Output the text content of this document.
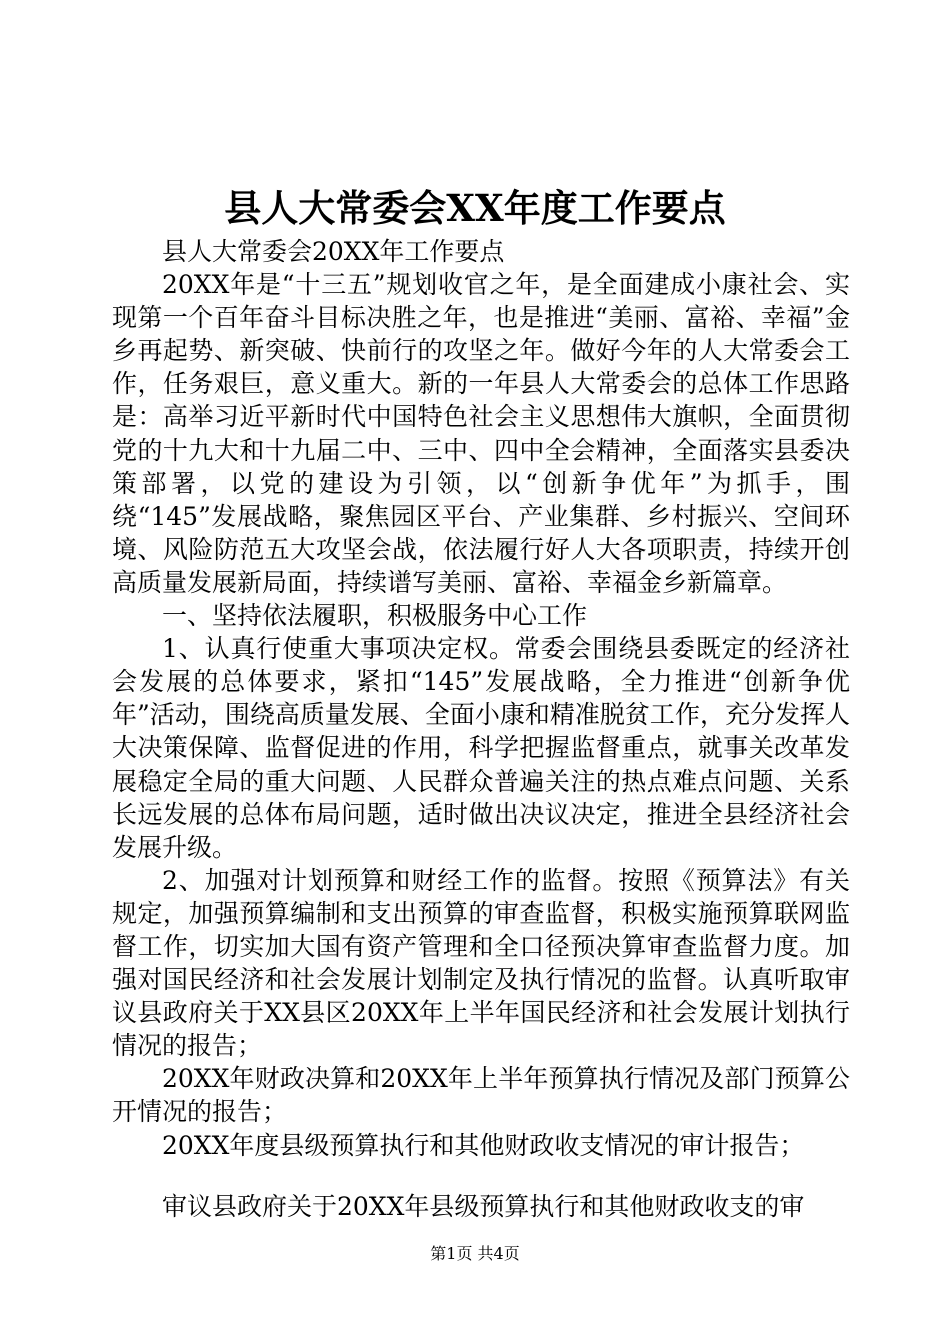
县人大常委会XX年度工作要点

县人大常委会20XX年工作要点

20XX年是“十三五”规划收官之年，是全面建成小康社会、实现第一个百年奋斗目标决胜之年，也是推进“美丽、富裕、幸福”金乡再起势、新突破、快前行的攻坚之年。做好今年的人大常委会工作，任务艰巨，意义重大。新的一年县人大常委会的总体工作思路是：高举习近平新时代中国特色社会主义思想伟大旗帜，全面贯彻党的十九大和十九届二中、三中、四中全会精神，全面落实县委决策部署，以党的建设为引领，以“创新争优年”为抓手，围绕“145”发展战略，聚焦园区平台、产业集群、乡村振兴、空间环境、风险防范五大攻坚会战，依法履行好人大各项职责，持续开创高质量发展新局面，持续谱写美丽、富裕、幸福金乡新篇章。

一、坚持依法履职，积极服务中心工作

1、认真行使重大事项决定权。常委会围绕县委既定的经济社会发展的总体要求，紧扣“145”发展战略，全力推进“创新争优年”活动，围绕高质量发展、全面小康和精准脱贫工作，充分发挥人大决策保障、监督促进的作用，科学把握监督重点，就事关改革发展稳定全局的重大问题、人民群众普遍关注的热点难点问题、关系长远发展的总体布局问题，适时做出决议决定，推进全县经济社会发展升级。

2、加强对计划预算和财经工作的监督。按照《预算法》有关规定，加强预算编制和支出预算的审查监督，积极实施预算联网监督工作，切实加大国有资产管理和全口径预决算审查监督力度。加强对国民经济和社会发展计划制定及执行情况的监督。认真听取审议县政府关于XX县区20XX年上半年国民经济和社会发展计划执行情况的报告；

20XX年财政决算和20XX年上半年预算执行情况及部门预算公开情况的报告；

20XX年度县级预算执行和其他财政收支情况的审计报告；

审议县政府关于20XX年县级预算执行和其他财政收支的审

第1页 共4页
